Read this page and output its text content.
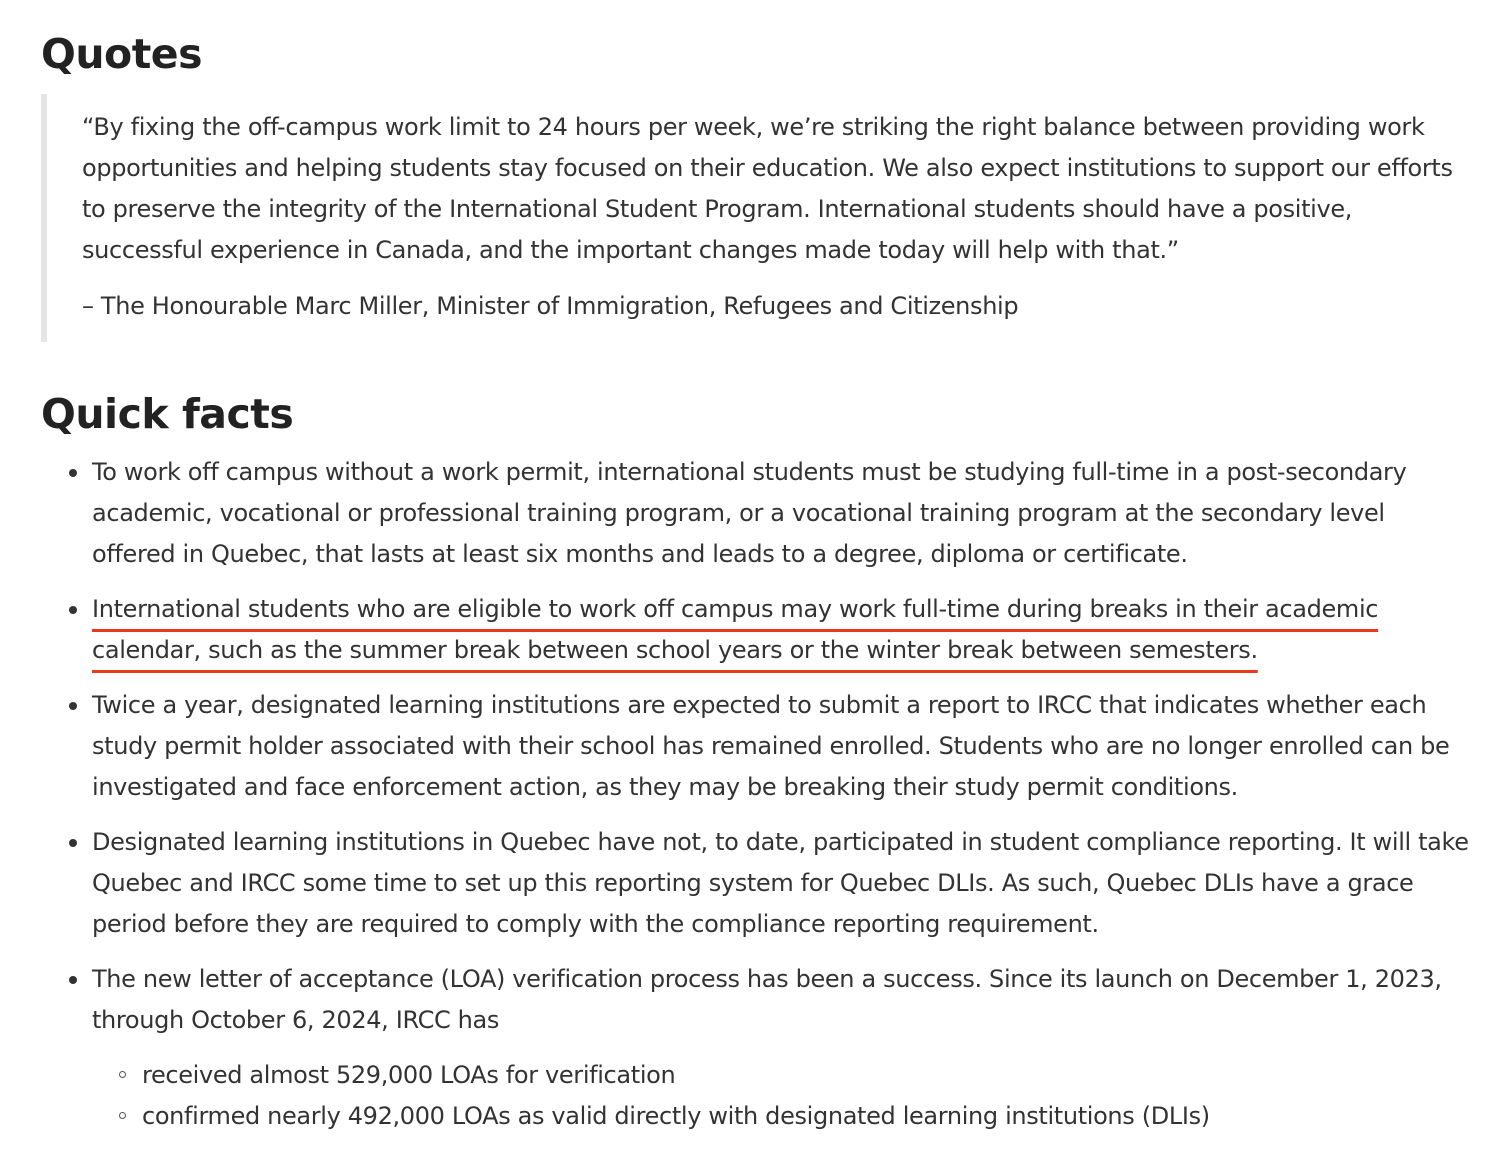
Quotes

“By fixing the off-campus work limit to 24 hours per week, we’re striking the right balance between providing work opportunities and helping students stay focused on their education. We also expect institutions to support our efforts to preserve the integrity of the International Student Program. International students should have a positive, successful experience in Canada, and the important changes made today will help with that.”

– The Honourable Marc Miller, Minister of Immigration, Refugees and Citizenship

Quick facts
To work off campus without a work permit, international students must be studying full-time in a post-secondary academic, vocational or professional training program, or a vocational training program at the secondary level offered in Quebec, that lasts at least six months and leads to a degree, diploma or certificate.
International students who are eligible to work off campus may work full-time during breaks in their academic calendar, such as the summer break between school years or the winter break between semesters.
Twice a year, designated learning institutions are expected to submit a report to IRCC that indicates whether each study permit holder associated with their school has remained enrolled. Students who are no longer enrolled can be investigated and face enforcement action, as they may be breaking their study permit conditions.
Designated learning institutions in Quebec have not, to date, participated in student compliance reporting. It will take Quebec and IRCC some time to set up this reporting system for Quebec DLIs. As such, Quebec DLIs have a grace period before they are required to comply with the compliance reporting requirement.
The new letter of acceptance (LOA) verification process has been a success. Since its launch on December 1, 2023, through October 6, 2024, IRCC has
received almost 529,000 LOAs for verification
confirmed nearly 492,000 LOAs as valid directly with designated learning institutions (DLIs)
